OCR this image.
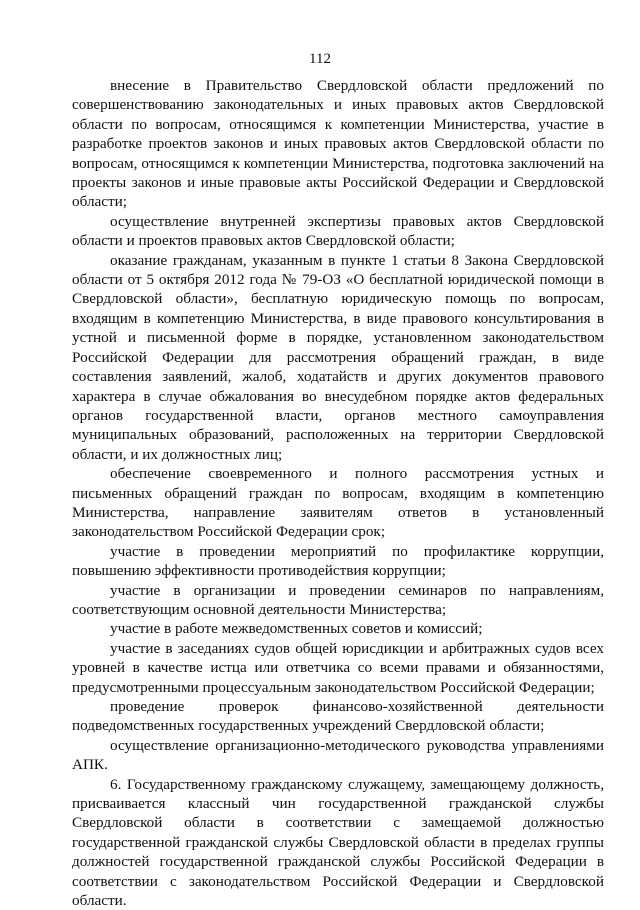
112

внесение в Правительство Свердловской области предложений по совершенствованию законодательных и иных правовых актов Свердловской области по вопросам, относящимся к компетенции Министерства, участие в разработке проектов законов и иных правовых актов Свердловской области по вопросам, относящимся к компетенции Министерства, подготовка заключений на проекты законов и иные правовые акты Российской Федерации и Свердловской области;

осуществление внутренней экспертизы правовых актов Свердловской области и проектов правовых актов Свердловской области;

оказание гражданам, указанным в пункте 1 статьи 8 Закона Свердловской области от 5 октября 2012 года № 79-ОЗ «О бесплатной юридической помощи в Свердловской области», бесплатную юридическую помощь по вопросам, входящим в компетенцию Министерства, в виде правового консультирования в устной и письменной форме в порядке, установленном законодательством Российской Федерации для рассмотрения обращений граждан, в виде составления заявлений, жалоб, ходатайств и других документов правового характера в случае обжалования во внесудебном порядке актов федеральных органов государственной власти, органов местного самоуправления муниципальных образований, расположенных на территории Свердловской области, и их должностных лиц;

обеспечение своевременного и полного рассмотрения устных и письменных обращений граждан по вопросам, входящим в компетенцию Министерства, направление заявителям ответов в установленный законодательством Российской Федерации срок;

участие в проведении мероприятий по профилактике коррупции, повышению эффективности противодействия коррупции;

участие в организации и проведении семинаров по направлениям, соответствующим основной деятельности Министерства;

участие в работе межведомственных советов и комиссий;

участие в заседаниях судов общей юрисдикции и арбитражных судов всех уровней в качестве истца или ответчика со всеми правами и обязанностями, предусмотренными процессуальным законодательством Российской Федерации;

проведение проверок финансово-хозяйственной деятельности подведомственных государственных учреждений Свердловской области;

осуществление организационно-методического руководства управлениями АПК.

6. Государственному гражданскому служащему, замещающему должность, присваивается классный чин государственной гражданской службы Свердловской области в соответствии с замещаемой должностью государственной гражданской службы Свердловской области в пределах группы должностей государственной гражданской службы Российской Федерации в соответствии с законодательством Российской Федерации и Свердловской области.
